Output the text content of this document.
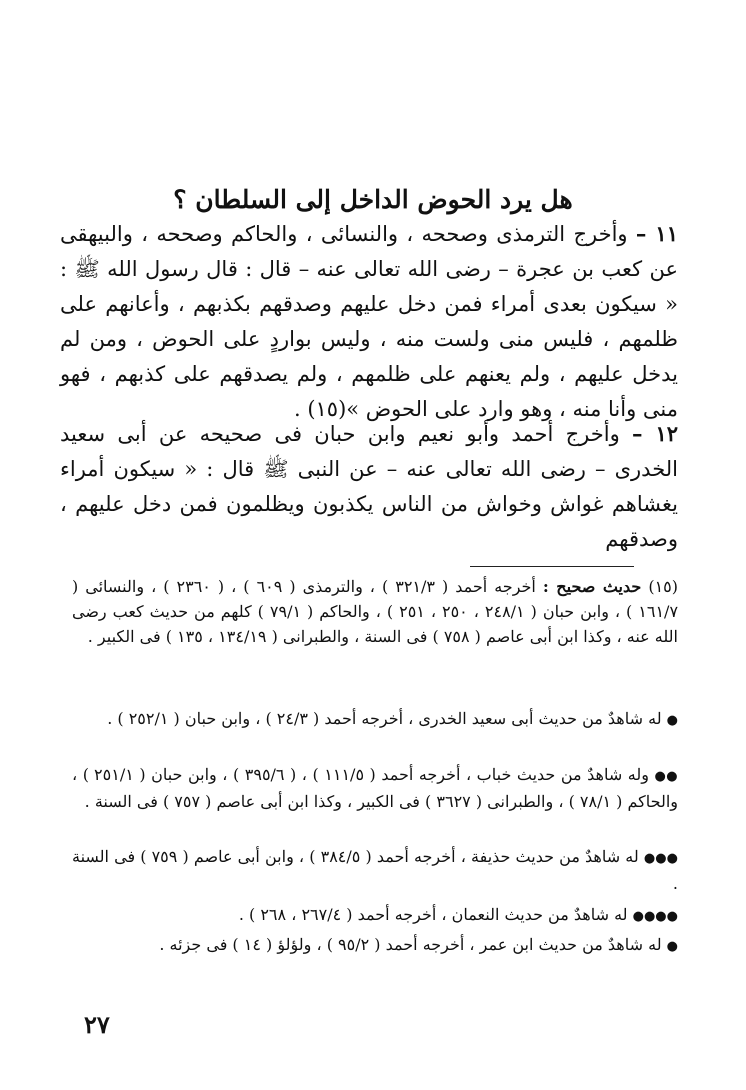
هل يرد الحوض الداخل إلى السلطان ؟

١١ – وأخرج الترمذى وصححه ، والنسائى ، والحاكم وصححه ، والبيهقى عن كعب بن عجرة – رضى الله تعالى عنه – قال : قال رسول الله ﷺ : « سيكون بعدى أمراء فمن دخل عليهم وصدقهم بكذبهم ، وأعانهم على ظلمهم ، فليس منى ولست منه ، وليس بواردٍ على الحوض ، ومن لم يدخل عليهم ، ولم يعنهم على ظلمهم ، ولم يصدقهم على كذبهم ، فهو منى وأنا منه ، وهو وارد على الحوض »(١٥) .

١٢ – وأخرج أحمد وأبو نعيم وابن حبان فى صحيحه عن أبى سعيد الخدرى – رضى الله تعالى عنه – عن النبى ﷺ قال : « سيكون أمراء يغشاهم غواش وخواش من الناس يكذبون ويظلمون فمن دخل عليهم ، وصدقهم

(١٥) حديث صحيح : أخرجه أحمد ( ٣٢١/٣ ) ، والترمذى ( ٦٠٩ ) ، ( ٢٣٦٠ ) ، والنسائى ( ١٦١/٧ ) ، وابن حبان ( ٢٤٨/١ ، ٢٥٠ ، ٢٥١ ) ، والحاكم ( ٧٩/١ ) كلهم من حديث كعب رضى الله عنه ، وكذا ابن أبى عاصم ( ٧٥٨ ) فى السنة ، والطبرانى ( ١٣٤/١٩ ، ١٣٥ ) فى الكبير .

● له شاهدٌ من حديث أبى سعيد الخدرى ، أخرجه أحمد ( ٢٤/٣ ) ، وابن حبان ( ٢٥٢/١ ) .

●● وله شاهدٌ من حديث خباب ، أخرجه أحمد ( ١١١/٥ ) ، ( ٣٩٥/٦ ) ، وابن حبان ( ٢٥١/١ ) ، والحاكم ( ٧٨/١ ) ، والطبرانى ( ٣٦٢٧ ) فى الكبير ، وكذا ابن أبى عاصم ( ٧٥٧ ) فى السنة .

●●● له شاهدٌ من حديث حذيفة ، أخرجه أحمد ( ٣٨٤/٥ ) ، وابن أبى عاصم ( ٧٥٩ ) فى السنة .

●●●● له شاهدٌ من حديث النعمان ، أخرجه أحمد ( ٢٦٧/٤ ، ٢٦٨ ) .

● له شاهدٌ من حديث ابن عمر ، أخرجه أحمد ( ٩٥/٢ ) ، ولؤلؤ ( ١٤ ) فى جزئه .

٢٧
